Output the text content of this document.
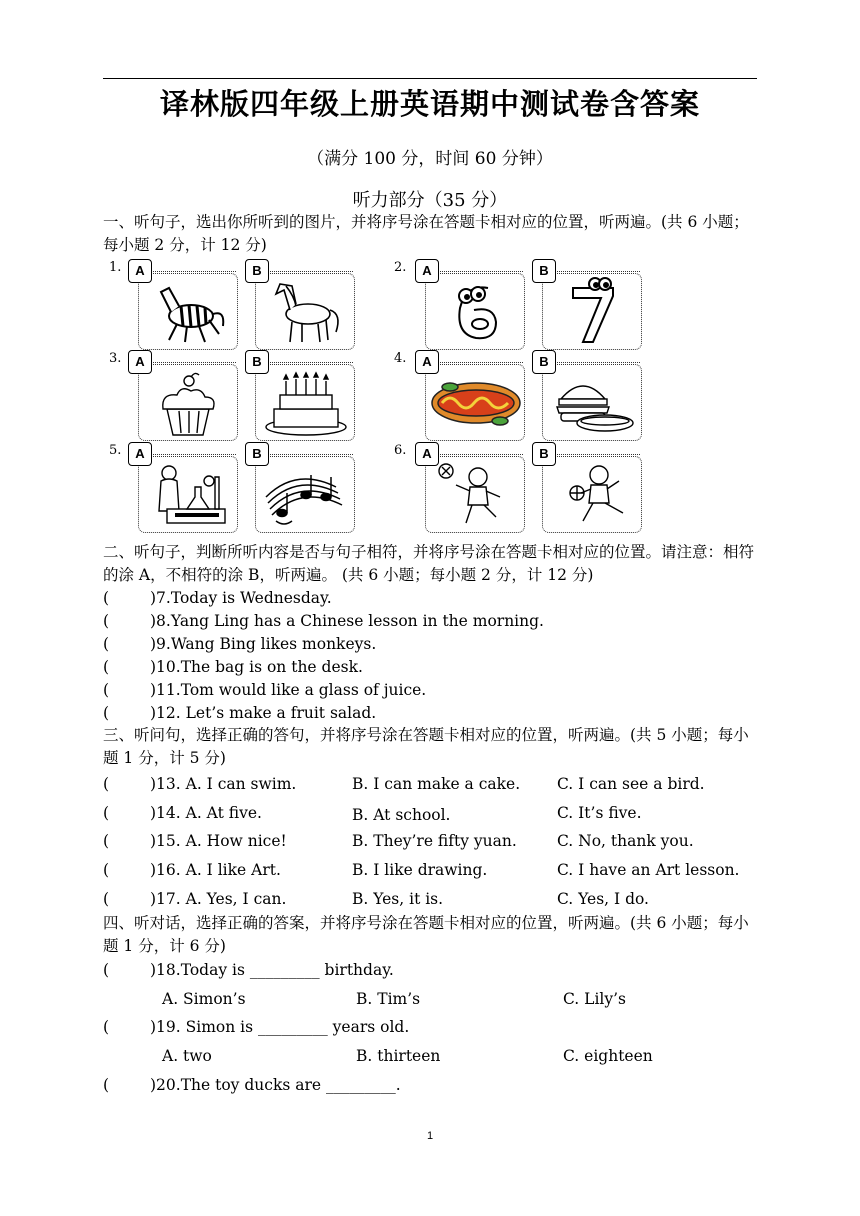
译林版四年级上册英语期中测试卷含答案
（满分 100 分，时间 60 分钟）
听力部分（35 分）
一、听句子，选出你所听到的图片，并将序号涂在答题卡相对应的位置，听两遍。(共 6 小题；每小题 2 分，计 12 分)
1.	A	B	2.	A	B
3.	A	B	4.	A	B
5.	A	B	6.	A	B
二、听句子，判断所听内容是否与句子相符，并将序号涂在答题卡相对应的位置。请注意：相符的涂 A，不相符的涂 B，听两遍。 (共 6 小题；每小题 2 分，计 12 分)
(	)7.Today is Wednesday.
(	)8.Yang Ling has a Chinese lesson in the morning.
(	)9.Wang Bing likes monkeys.
(	)10.The bag is on the desk.
(	)11.Tom would like a glass of juice.
(	)12. Let’s make a fruit salad.
三、听问句，选择正确的答句，并将序号涂在答题卡相对应的位置，听两遍。(共 5 小题；每小题 1 分，计 5 分)
(	)13. A. I can swim.	B. I can make a cake. C. I can see a bird.
(	)14. A. At five.	B. At school.	C. It’s five.
(	)15. A. How nice!	B. They’re fifty yuan.	C. No, thank you.
(	)16. A. I like Art.	B. I like drawing.	C. I have an Art lesson.
(	)17. A. Yes, I can.	B. Yes, it is.	C. Yes, I do.
四、听对话，选择正确的答案，并将序号涂在答题卡相对应的位置，听两遍。(共 6 小题；每小题 1 分，计 6 分)
(	)18.Today is _________ birthday.
A. Simon’s	B. Tim’s	C. Lily’s
(	)19. Simon is _________ years old.
A. two	B. thirteen	C. eighteen
(	)20.The toy ducks are _________.
1
